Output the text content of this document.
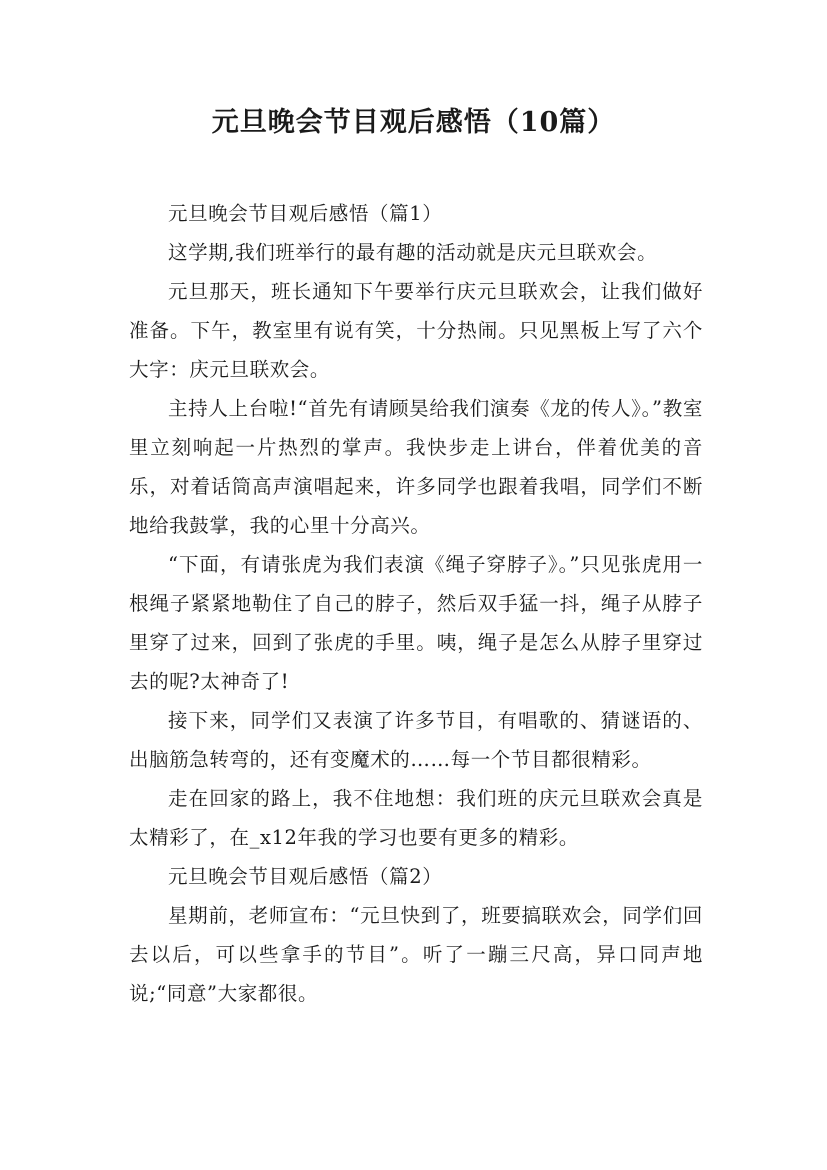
元旦晚会节目观后感悟（10篇）

元旦晚会节目观后感悟（篇1）

这学期,我们班举行的最有趣的活动就是庆元旦联欢会。

元旦那天，班长通知下午要举行庆元旦联欢会，让我们做好准备。下午，教室里有说有笑，十分热闹。只见黑板上写了六个大字：庆元旦联欢会。

主持人上台啦!“首先有请顾昊给我们演奏《龙的传人》。”教室里立刻响起一片热烈的掌声。我快步走上讲台，伴着优美的音乐，对着话筒高声演唱起来，许多同学也跟着我唱，同学们不断地给我鼓掌，我的心里十分高兴。

“下面，有请张虎为我们表演《绳子穿脖子》。”只见张虎用一根绳子紧紧地勒住了自己的脖子，然后双手猛一抖，绳子从脖子里穿了过来，回到了张虎的手里。咦，绳子是怎么从脖子里穿过去的呢?太神奇了!

接下来，同学们又表演了许多节目，有唱歌的、猜谜语的、出脑筋急转弯的，还有变魔术的……每一个节目都很精彩。

走在回家的路上，我不住地想：我们班的庆元旦联欢会真是太精彩了，在_x12年我的学习也要有更多的精彩。

元旦晚会节目观后感悟（篇2）

星期前，老师宣布：“元旦快到了，班要搞联欢会，同学们回去以后，可以些拿手的节目”。听了一蹦三尺高，异口同声地说;“同意”大家都很。
